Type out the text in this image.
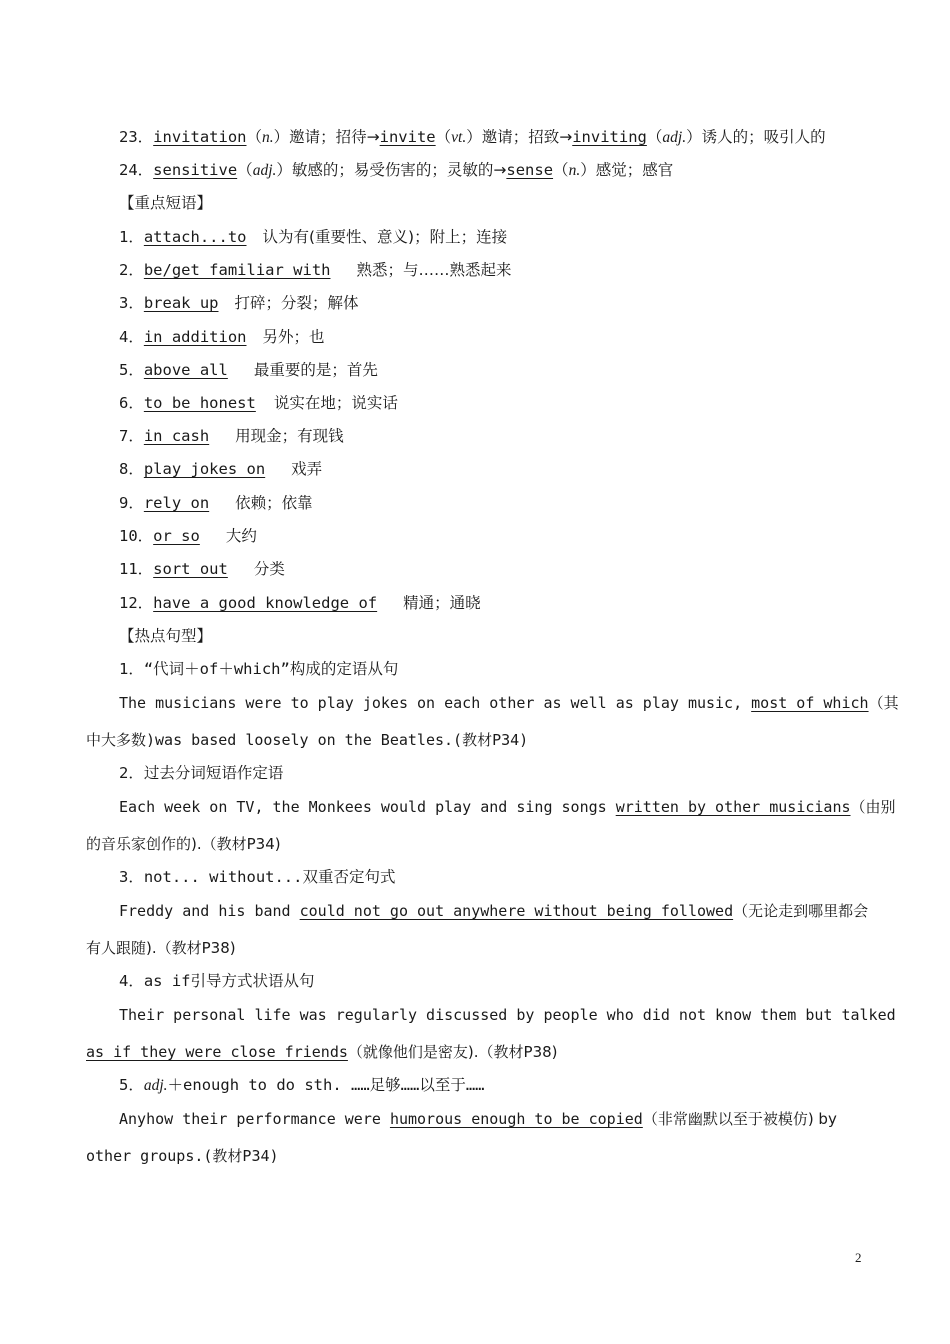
23．invitation（n.）邀请；招待→invite（vt.）邀请；招致→inviting（adj.）诱人的；吸引人的
24．sensitive（adj.）敏感的；易受伤害的；灵敏的→sense（n.）感觉；感官
【重点短语】
1．attach...to 认为有(重要性、意义)；附上；连接
2．be/get familiar with 熟悉；与……熟悉起来
3．break up 打碎；分裂；解体
4．in addition 另外；也
5．above all 最重要的是；首先
6．to be honest 说实在地；说实话
7．in cash 用现金；有现钱
8．play jokes on 戏弄
9．rely on 依赖；依靠
10．or so 大约
11．sort out 分类
12．have a good knowledge of 精通；通晓
【热点句型】
1．“代词＋of＋which”构成的定语从句
The musicians were to play jokes on each other as well as play music, most of which（其
中大多数)was based loosely on the Beatles.(教材P34)
2．过去分词短语作定语
Each week on TV, the Monkees would play and sing songs written by other musicians（由别
的音乐家创作的).（教材P34)
3．not... without...双重否定句式
Freddy and his band could not go out anywhere without being followed（无论走到哪里都会
有人跟随).（教材P38)
4．as if引导方式状语从句
Their personal life was regularly discussed by people who did not know them but talked
as if they were close friends（就像他们是密友).（教材P38)
5．adj.＋enough to do sth. ……足够……以至于……
Anyhow their performance were humorous enough to be copied（非常幽默以至于被模仿) by
other groups.(教材P34)
2
